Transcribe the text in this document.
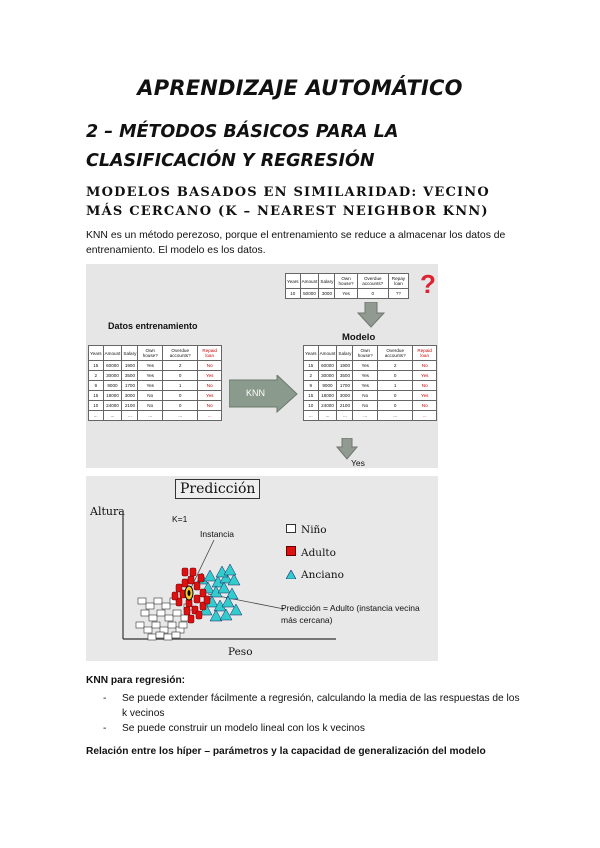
APRENDIZAJE AUTOMÁTICO
2 – MÉTODOS BÁSICOS PARA LA CLASIFICACIÓN Y REGRESIÓN
MODELOS BASADOS EN SIMILARIDAD: VECINO MÁS CERCANO (K – NEAREST NEIGHBOR KNN)
KNN es un método perezoso, porque el entrenamiento se reduce a almacenar los datos de entrenamiento. El modelo es los datos.
Years	Amount	Salary	Own house?	Overdue accounts?	Repay loan
10	50000	3000	Yes	0	?? ?
Datos entrenamiento
Modelo
Years	Amount	Salary	Own house?	Overdue accounts?	Repaid loan
15	60000	1900	Yes	2	No
2	30000	3500	Yes	0	Yes
9	9000	1700	Yes	1	No
15	18000	3000	No	0	Yes
10	24000	2100	No	0	No
...	...	...	...	...	...
KNN
Years	Amount	Salary	Own house?	Overdue accounts?	Repaid loan
15	60000	1900	Yes	2	No
2	30000	3500	Yes	0	Yes
9	9000	1700	Yes	1	No
15	18000	3000	No	0	Yes
10	24000	2100	No	0	No
...	...	...	...	...	...
Yes
Predicción
Altura
Peso
K=1
Instancia	Niño
Adulto
Anciano
Predicción = Adulto (instancia vecina más cercana)
KNN para regresión:
- Se puede extender fácilmente a regresión, calculando la media de las respuestas de los k vecinos
- Se puede construir un modelo lineal con los k vecinos
Relación entre los híper – parámetros y la capacidad de generalización del modelo
